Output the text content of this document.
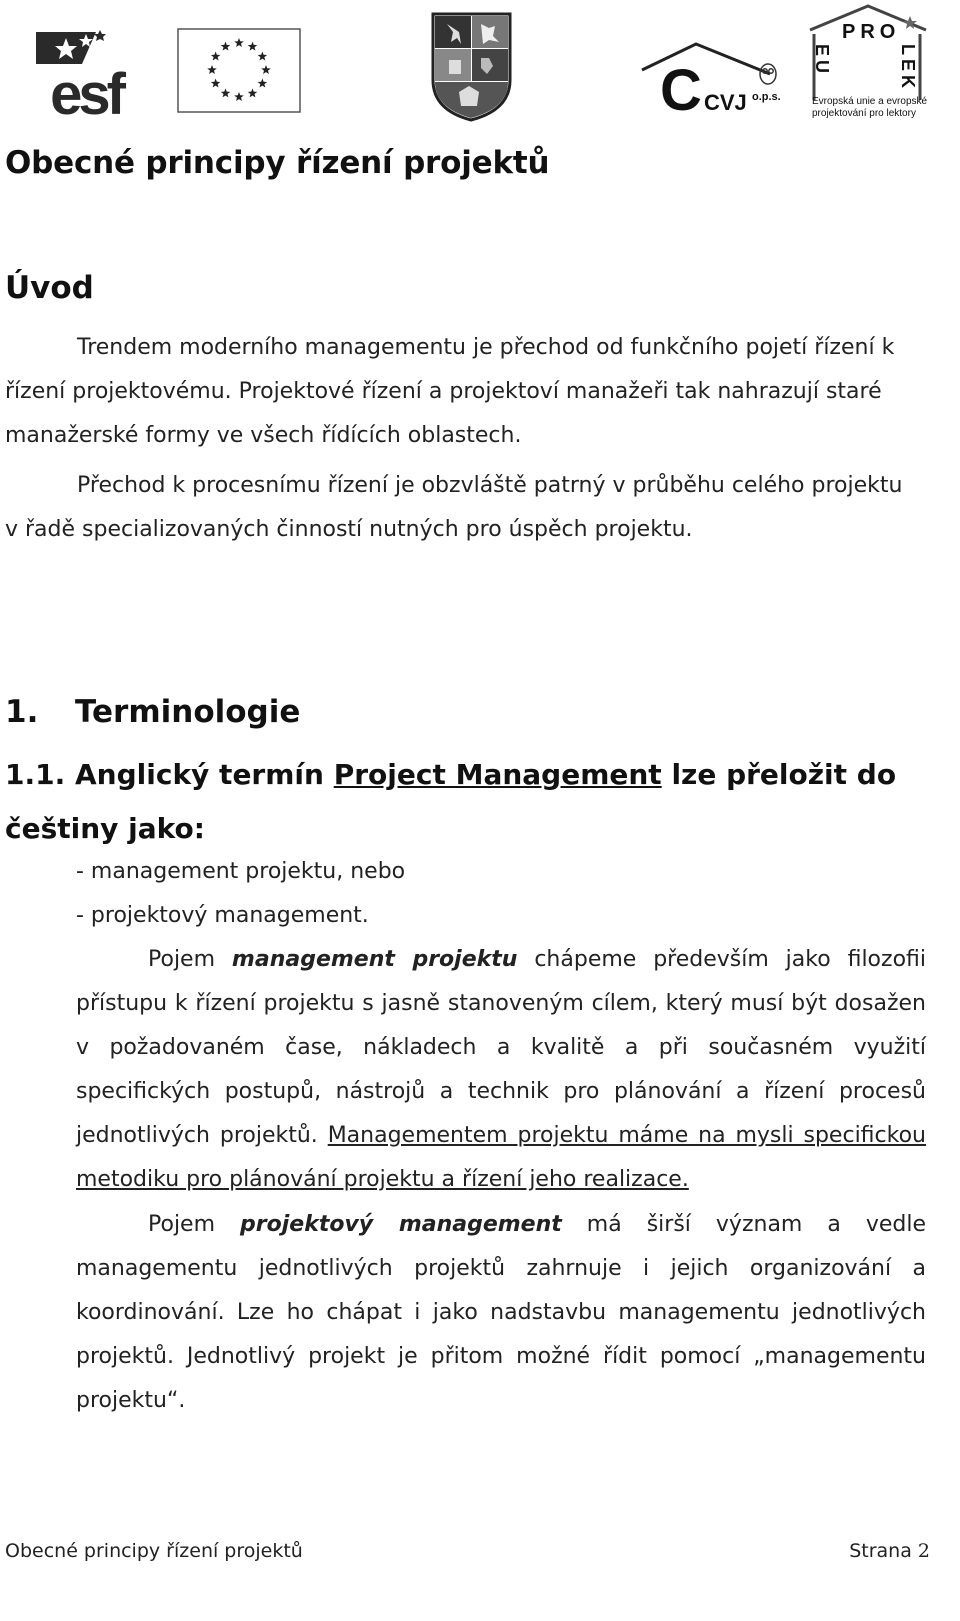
esf	C CVJ o.p.s.
PRO
EU	LEK
Evropská unie a evropské
projektování pro lektory
Obecné principy řízení projektů
Úvod

Trendem moderního managementu je přechod od funkčního pojetí řízení k řízení projektovému. Projektové řízení a projektoví manažeři tak nahrazují staré manažerské formy ve všech řídících oblastech.

Přechod k procesnímu řízení je obzvláště patrný v průběhu celého projektu v řadě specializovaných činností nutných pro úspěch projektu.

1. Terminologie
1.1. Anglický termín Project Management lze přeložit do češtiny jako:
- management projektu, nebo
- projektový management.

Pojem management projektu chápeme především jako filozofii přístupu k řízení projektu s jasně stanoveným cílem, který musí být dosažen v požadovaném čase, nákladech a kvalitě a při současném využití specifických postupů, nástrojů a technik pro plánování a řízení procesů jednotlivých projektů. Managementem projektu máme na mysli specifickou metodiku pro plánování projektu a řízení jeho realizace.

Pojem projektový management má širší význam a vedle managementu jednotlivých projektů zahrnuje i jejich organizování a koordinování. Lze ho chápat i jako nadstavbu managementu jednotlivých projektů. Jednotlivý projekt je přitom možné řídit pomocí „managementu projektu“.

Obecné principy řízení projektů	Strana 2
